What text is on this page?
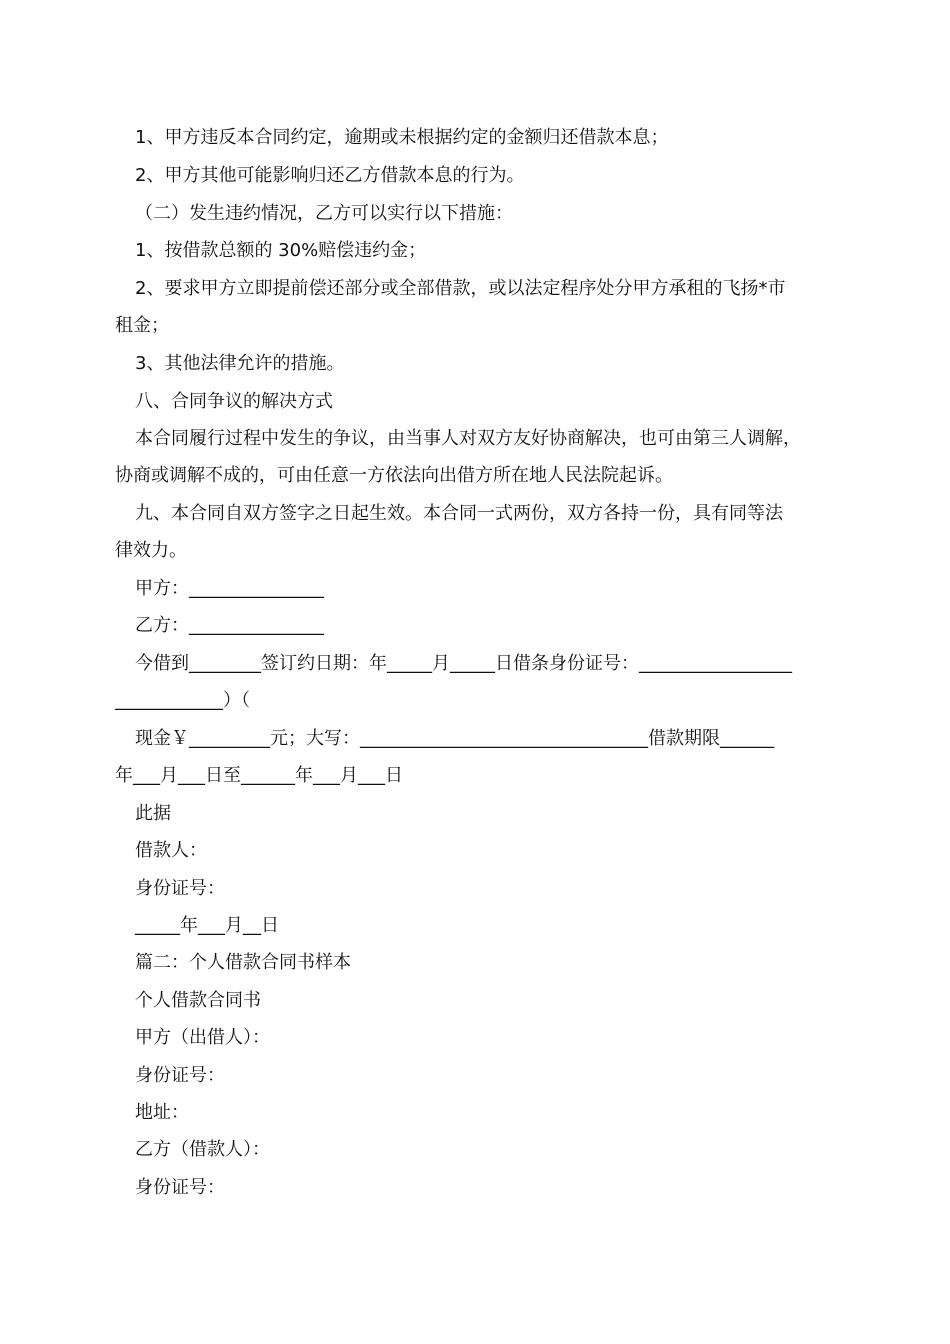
1、甲方违反本合同约定，逾期或未根据约定的金额归还借款本息；
2、甲方其他可能影响归还乙方借款本息的行为。
（二）发生违约情况，乙方可以实行以下措施：
1、按借款总额的 30%赔偿违约金；
2、要求甲方立即提前偿还部分或全部借款，或以法定程序处分甲方承租的飞扬*市
租金；
3、其他法律允许的措施。
八、合同争议的解决方式
本合同履行过程中发生的争议，由当事人对双方友好协商解决，也可由第三人调解，
协商或调解不成的，可由任意一方依法向出借方所在地人民法院起诉。
九、本合同自双方签字之日起生效。本合同一式两份，双方各持一份，具有同等法
律效力。
甲方：_______________
乙方：_______________
今借到________签订约日期：年_____月_____日借条身份证号：_________________
____________）（
现金￥_________元；大写：________________________________借款期限______
年___月___日至______年___月___日
此据
借款人：
身份证号：
_____年___月__日
篇二：个人借款合同书样本
个人借款合同书
甲方（出借人）：
身份证号：
地址：
乙方（借款人）：
身份证号：
